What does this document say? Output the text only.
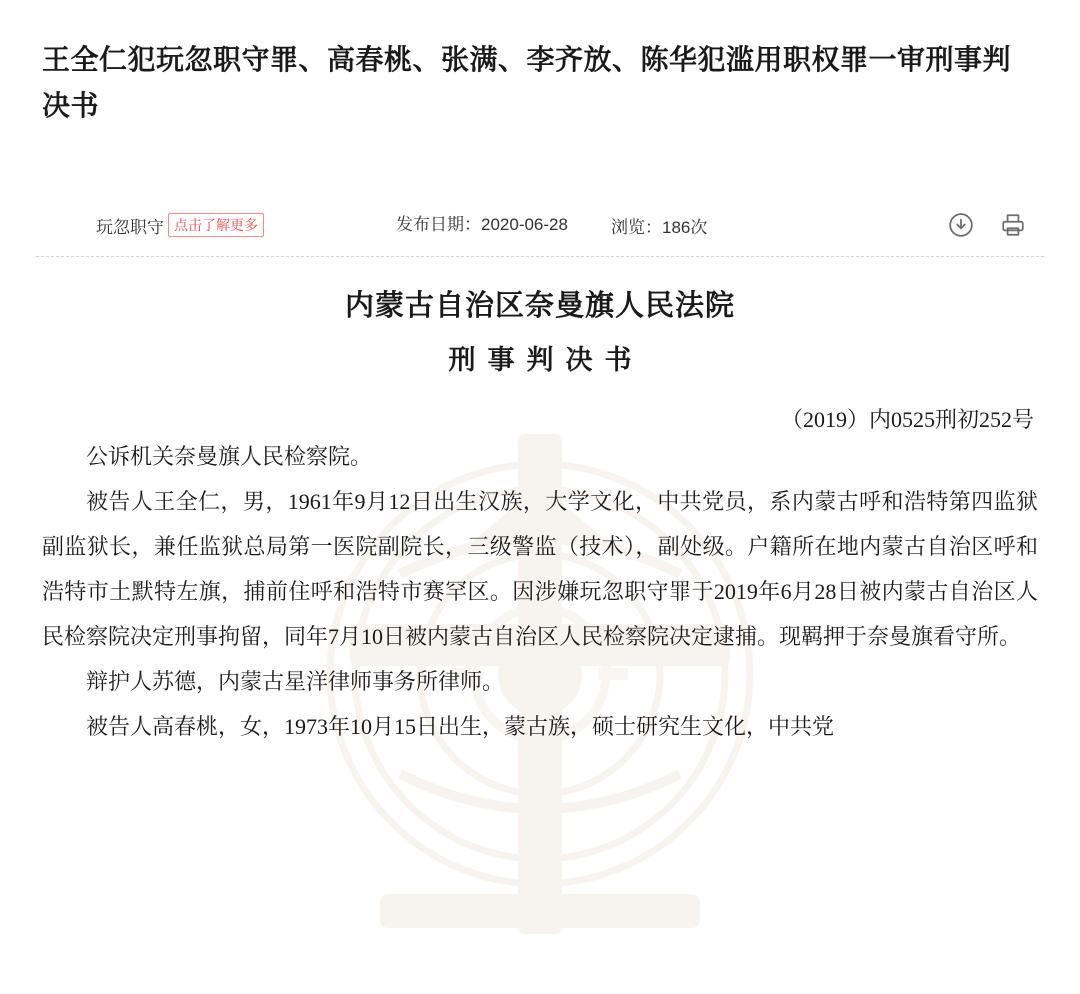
王全仁犯玩忽职守罪、高春桃、张满、李齐放、陈华犯滥用职权罪一审刑事判决书
玩忽职守 点击了解更多	发布日期：2020-06-28	浏览：186次
内蒙古自治区奈曼旗人民法院
刑事判决书
（2019）内0525刑初252号

公诉机关奈曼旗人民检察院。

被告人王全仁，男，1961年9月12日出生汉族，大学文化，中共党员，系内蒙古呼和浩特第四监狱副监狱长，兼任监狱总局第一医院副院长，三级警监（技术），副处级。户籍所在地内蒙古自治区呼和浩特市土默特左旗，捕前住呼和浩特市赛罕区。因涉嫌玩忽职守罪于2019年6月28日被内蒙古自治区人民检察院决定刑事拘留，同年7月10日被内蒙古自治区人民检察院决定逮捕。现羁押于奈曼旗看守所。

辩护人苏德，内蒙古星洋律师事务所律师。

被告人高春桃，女，1973年10月15日出生，蒙古族，硕士研究生文化，中共党
